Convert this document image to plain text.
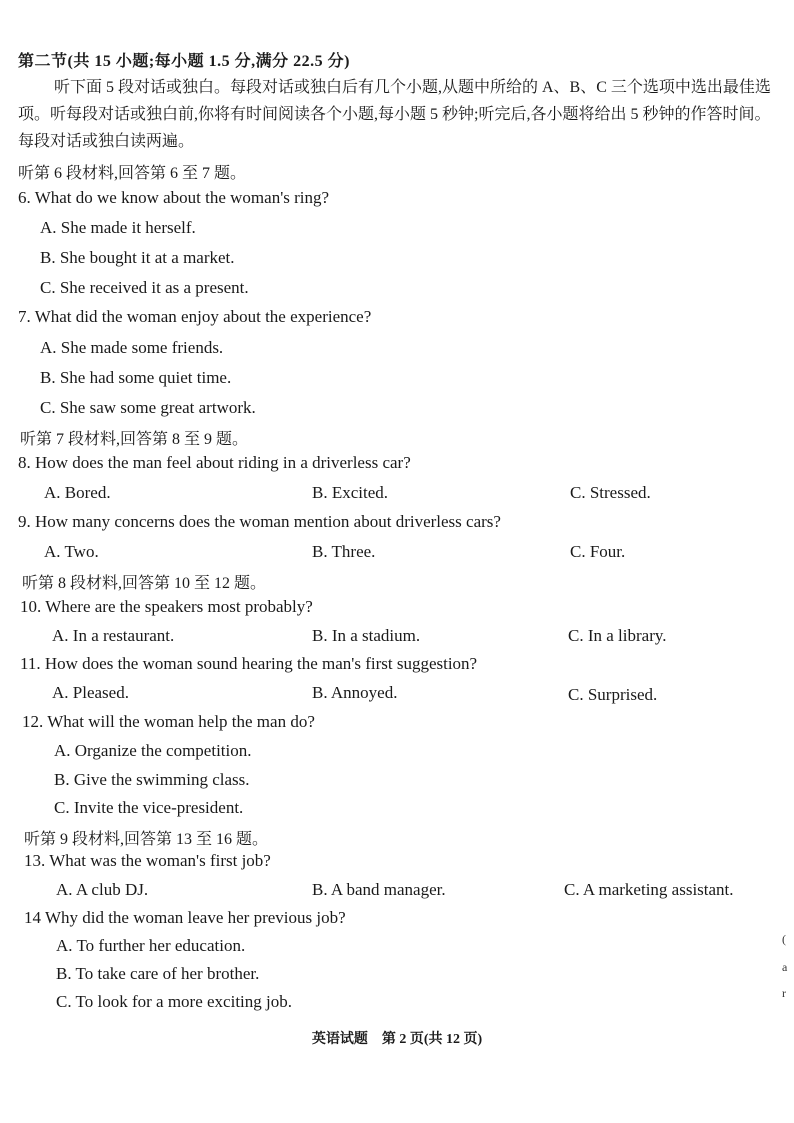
第二节(共 15 小题;每小题 1.5 分,满分 22.5 分)
听下面 5 段对话或独白。每段对话或独白后有几个小题,从题中所给的 A、B、C 三个选项中选出最佳选项。听每段对话或独白前,你将有时间阅读各个小题,每小题 5 秒钟;听完后,各小题将给出 5 秒钟的作答时间。每段对话或独白读两遍。
听第 6 段材料,回答第 6 至 7 题。
6. What do we know about the woman's ring?
A. She made it herself.
B. She bought it at a market.
C. She received it as a present.
7. What did the woman enjoy about the experience?
A. She made some friends.
B. She had some quiet time.
C. She saw some great artwork.
听第 7 段材料,回答第 8 至 9 题。
8. How does the man feel about riding in a driverless car?
A. Bored.	B. Excited.	C. Stressed.
9. How many concerns does the woman mention about driverless cars?
A. Two.	B. Three.	C. Four.
听第 8 段材料,回答第 10 至 12 题。
10. Where are the speakers most probably?
A. In a restaurant.	B. In a stadium.	C. In a library.
11. How does the woman sound hearing the man's first suggestion?
A. Pleased.	B. Annoyed.	C. Surprised.
12. What will the woman help the man do?
A. Organize the competition.
B. Give the swimming class.
C. Invite the vice-president.
听第 9 段材料,回答第 13 至 16 题。
13. What was the woman's first job?
A. A club DJ.	B. A band manager.	C. A marketing assistant.
14 Why did the woman leave her previous job?
A. To further her education.
B. To take care of her brother.
C. To look for a more exciting job.
(
a
r
英语试题　第 2 页(共 12 页)
